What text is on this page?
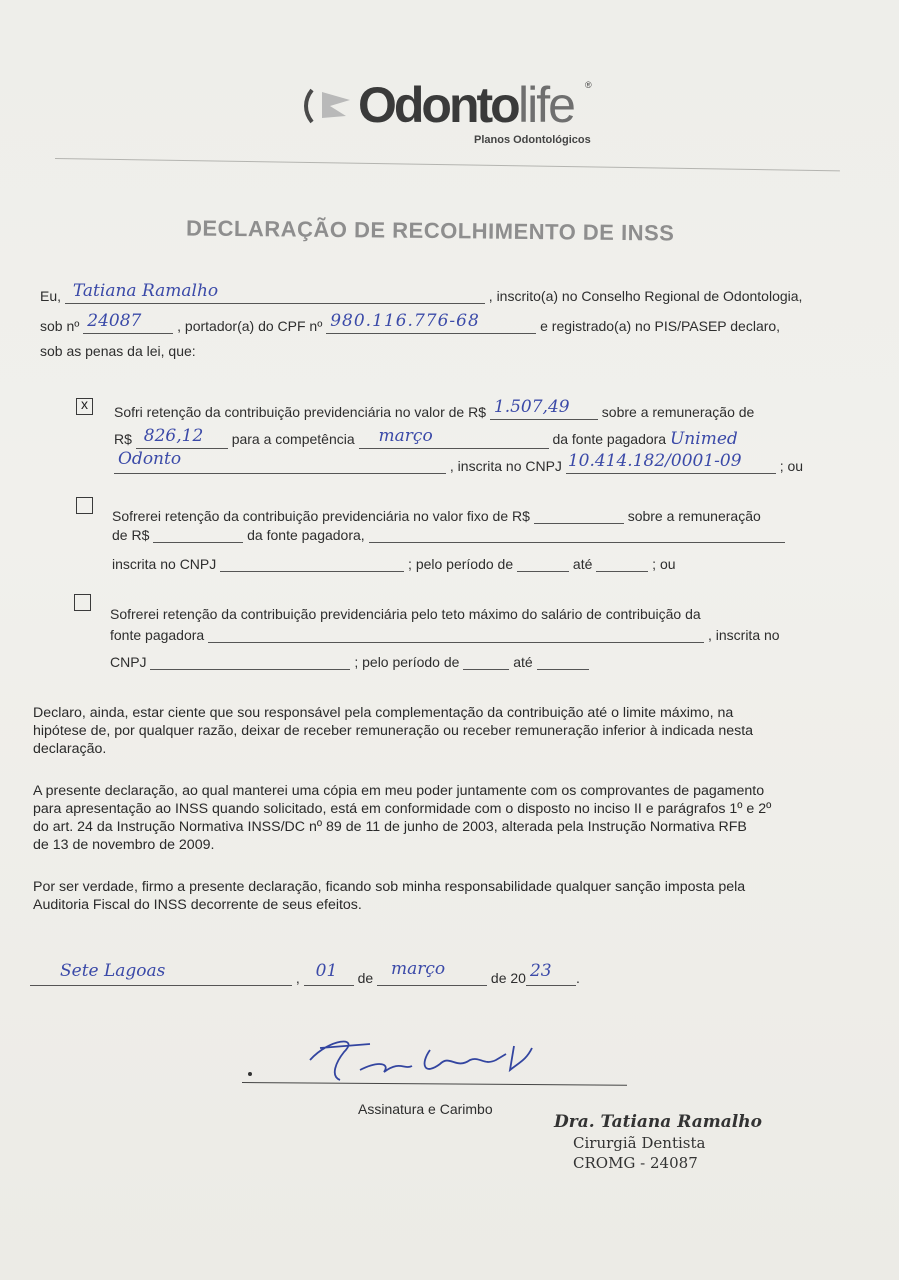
Odonto life ®
Planos Odontológicos
DECLARAÇÃO DE RECOLHIMENTO DE INSS
Eu, Tatiana Ramalho	, inscrito(a) no Conselho Regional de Odontologia,
sob nº 24087	, portador(a) do CPF nº 980.116.776-68	e registrado(a) no PIS/PASEP declaro,
sob as penas da lei, que:
x Sofri retenção da contribuição previdenciária no valor de R$ 1.507,49 sobre a remuneração de
R$ 826,12 para a competência março	da fonte pagadora Unimed
Odonto	, inscrita no CNPJ 10.414.182/0001-09	; ou
Sofrerei retenção da contribuição previdenciária no valor fixo de R$	sobre a remuneração
de R$	da fonte pagadora,
inscrita no CNPJ	; pelo período de	até	; ou
Sofrerei retenção da contribuição previdenciária pelo teto máximo do salário de contribuição da
fonte pagadora	, inscrita no
CNPJ	; pelo período de	até
Declaro, ainda, estar ciente que sou responsável pela complementação da contribuição até o limite máximo, na
hipótese de, por qualquer razão, deixar de receber remuneração ou receber remuneração inferior à indicada nesta
declaração.
A presente declaração, ao qual manterei uma cópia em meu poder juntamente com os comprovantes de pagamento
para apresentação ao INSS quando solicitado, está em conformidade com o disposto no inciso II e parágrafos 1º e 2º
do art. 24 da Instrução Normativa INSS/DC nº 89 de 11 de junho de 2003, alterada pela Instrução Normativa RFB
de 13 de novembro de 2009.
Por ser verdade, firmo a presente declaração, ficando sob minha responsabilidade qualquer sanção imposta pela
Auditoria Fiscal do INSS decorrente de seus efeitos.
Sete Lagoas	, 01 de março	de 20 23 .
Assinatura e Carimbo
Dra. Tatiana Ramalho
Cirurgiã Dentista
CROMG - 24087
